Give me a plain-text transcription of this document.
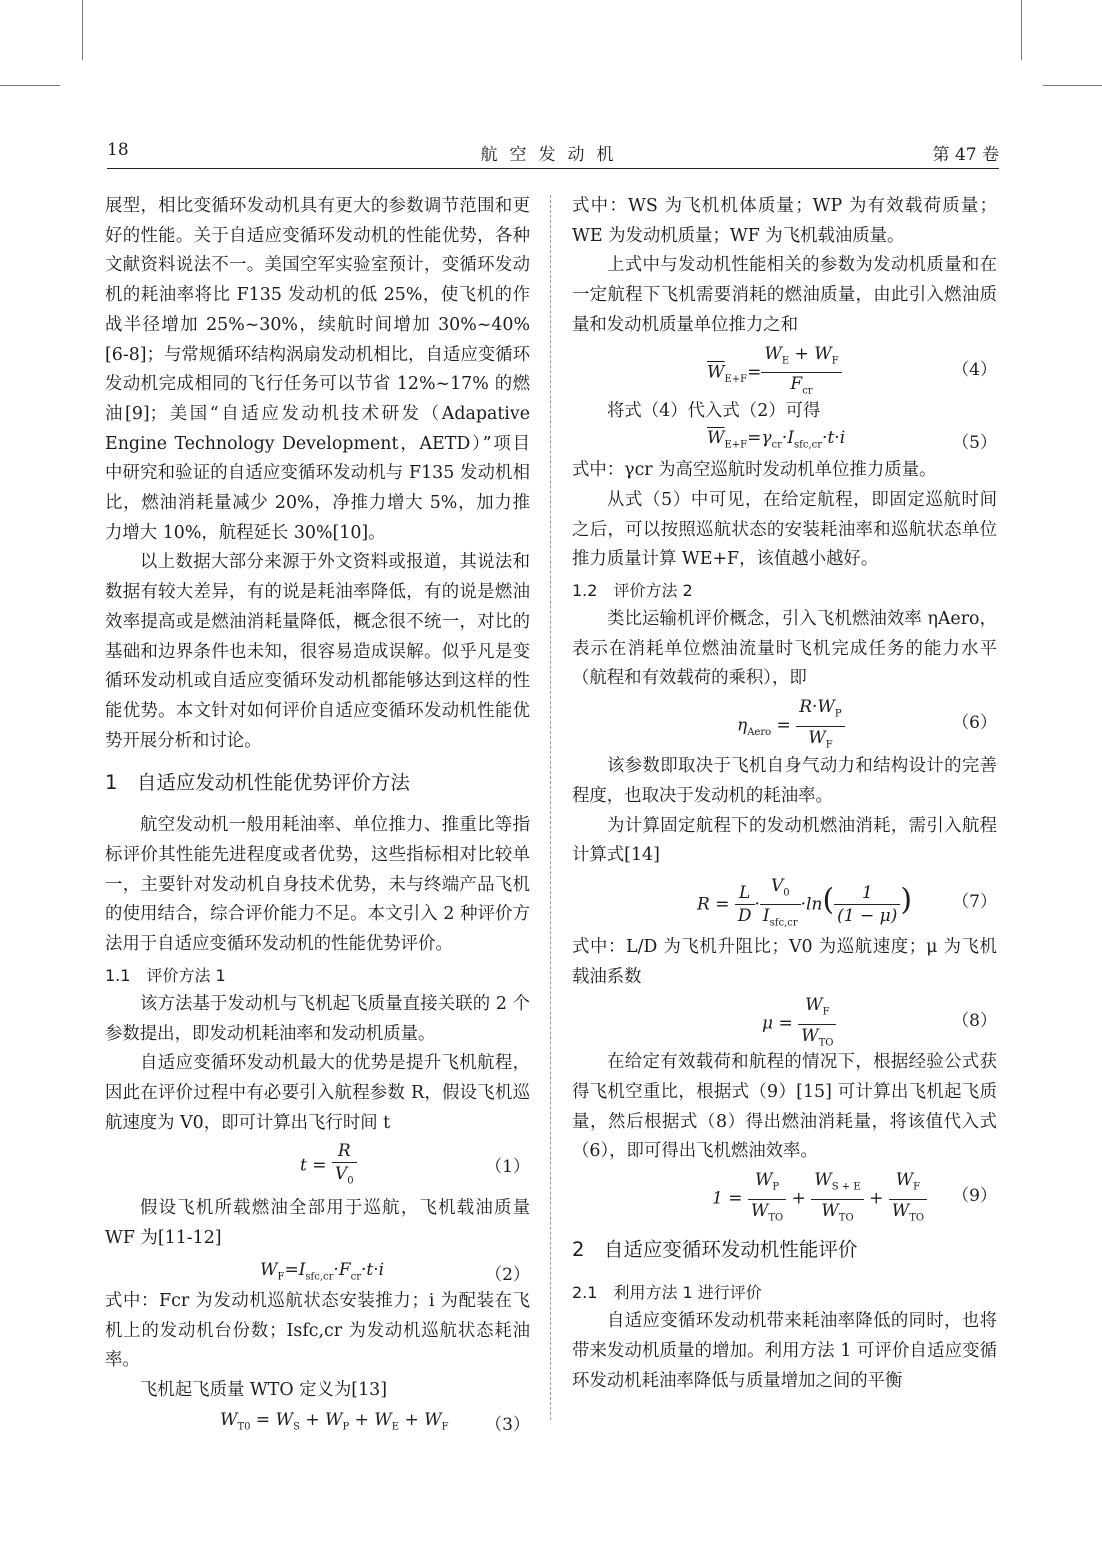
18	航空发动机	第 47 卷

展型，相比变循环发动机具有更大的参数调节范围和更好的性能。关于自适应变循环发动机的性能优势，各种文献资料说法不一。美国空军实验室预计，变循环发动机的耗油率将比 F135 发动机的低 25%，使飞机的作战半径增加 25%~30%，续航时间增加 30%~40%[6-8]；与常规循环结构涡扇发动机相比，自适应变循环发动机完成相同的飞行任务可以节省 12%~17% 的燃油[9]；美国“自适应发动机技术研发（Adapative Engine Technology Development，AETD）”项目中研究和验证的自适应变循环发动机与 F135 发动机相比，燃油消耗量减少 20%，净推力增大 5%，加力推力增大 10%，航程延长 30%[10]。

以上数据大部分来源于外文资料或报道，其说法和数据有较大差异，有的说是耗油率降低，有的说是燃油效率提高或是燃油消耗量降低，概念很不统一，对比的基础和边界条件也未知，很容易造成误解。似乎凡是变循环发动机或自适应变循环发动机都能够达到这样的性能优势。本文针对如何评价自适应变循环发动机性能优势开展分析和讨论。

1　自适应发动机性能优势评价方法

航空发动机一般用耗油率、单位推力、推重比等指标评价其性能先进程度或者优势，这些指标相对比较单一，主要针对发动机自身技术优势，未与终端产品飞机的使用结合，综合评价能力不足。本文引入 2 种评价方法用于自适应变循环发动机的性能优势评价。

1.1　评价方法 1

该方法基于发动机与飞机起飞质量直接关联的 2 个参数提出，即发动机耗油率和发动机质量。

自适应变循环发动机最大的优势是提升飞机航程，因此在评价过程中有必要引入航程参数 R，假设飞机巡航速度为 V0，即可计算出飞行时间 t

$t = \frac{R}{V_0}$	（1）

假设飞机所载燃油全部用于巡航，飞机载油质量 WF 为[11-12]

$W_F=I_{sfc,cr}\cdot F_{cr}\cdot t\cdot i$	（2）

式中：Fcr 为发动机巡航状态安装推力；i 为配装在飞机上的发动机台份数；Isfc,cr 为发动机巡航状态耗油率。

飞机起飞质量 WTO 定义为[13]

$W_{T0} = W_S + W_P + W_E + W_F$ （3）

式中：WS 为飞机机体质量；WP 为有效载荷质量；WE 为发动机质量；WF 为飞机载油质量。

上式中与发动机性能相关的参数为发动机质量和在一定航程下飞机需要消耗的燃油质量，由此引入燃油质量和发动机质量单位推力之和

$\overline{W}_{E+F}= \frac{W_E + W_F}{F_{cr}}$	（4）

将式（4）代入式（2）可得

$\overline{W}_{E+F}=\gamma_{cr}\cdot I_{sfc,cr}\cdot t\cdot i$	（5）

式中：γcr 为高空巡航时发动机单位推力质量。

从式（5）中可见，在给定航程，即固定巡航时间之后，可以按照巡航状态的安装耗油率和巡航状态单位推力质量计算 WE+F，该值越小越好。

1.2　评价方法 2

类比运输机评价概念，引入飞机燃油效率 ηAero，表示在消耗单位燃油流量时飞机完成任务的能力水平（航程和有效载荷的乘积），即

$\eta_{Aero} = \frac{R\cdot W_P}{W_F}$	（6）

该参数即取决于飞机自身气动力和结构设计的完善程度，也取决于发动机的耗油率。

为计算固定航程下的发动机燃油消耗，需引入航程计算式[14]

$R = \frac{L}{D} \cdot \frac{V_0}{I_{sfc,cr}} \cdot\ln( \frac{1}{(1 - \mu)}$ ) （7）

式中：L/D 为飞机升阻比；V0 为巡航速度；μ 为飞机载油系数

$\mu = \frac{W_F}{W_{TO}}$	（8）

在给定有效载荷和航程的情况下，根据经验公式获得飞机空重比，根据式（9）[15] 可计算出飞机起飞质量，然后根据式（8）得出燃油消耗量，将该值代入式（6），即可得出飞机燃油效率。

$1 = \frac{W_P}{W_{TO}} + \frac{W_{S + E}}{W_{TO}} + \frac{W_F}{W_{TO}} (9)$
2　自适应变循环发动机性能评价
2.1　利用方法 1 进行评价

自适应变循环发动机带来耗油率降低的同时，也将带来发动机质量的增加。利用方法 1 可评价自适应变循环发动机耗油率降低与质量增加之间的平衡
